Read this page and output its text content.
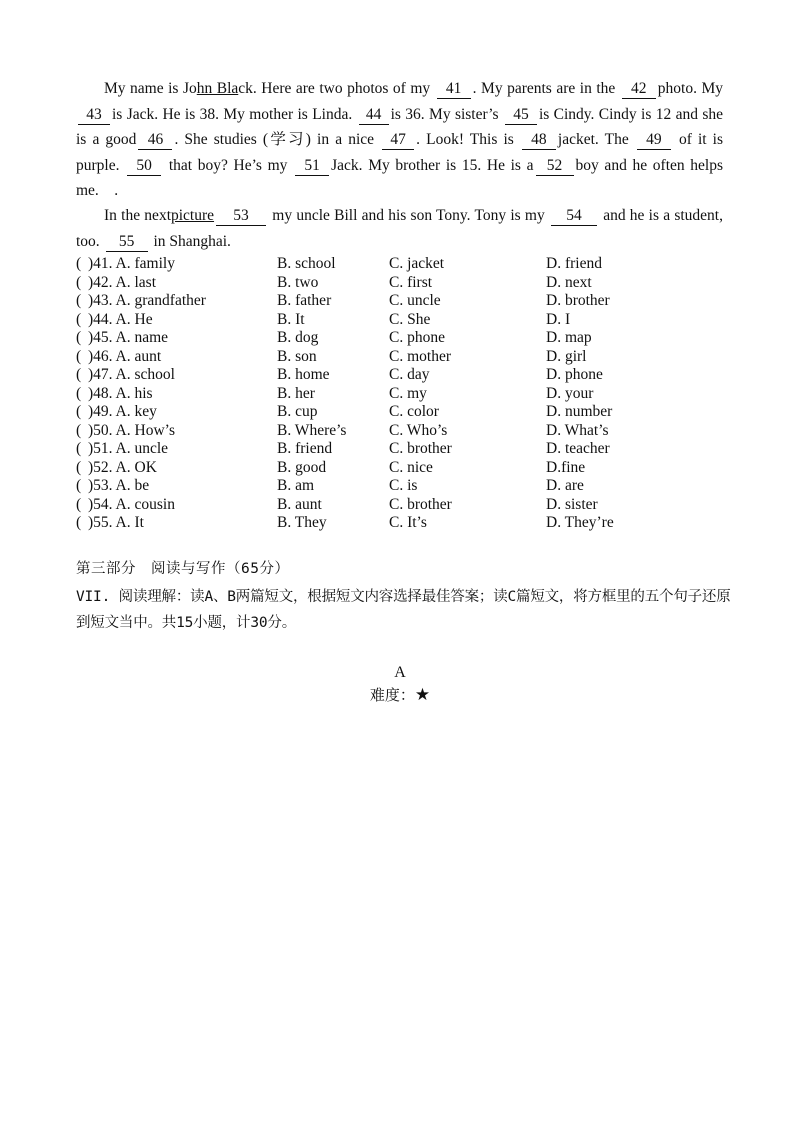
My name is John Black. Here are two photos of my 41 . My parents are in the 42 photo. My 43 is Jack. He is 38. My mother is Linda. 44 is 36. My sister’s 45 is Cindy. Cindy is 12 and she is a good 46 . She studies (学习) in a nice 47 . Look! This is 48 jacket. The 49 of it is purple. 50 that boy? He’s my 51 Jack. My brother is 15. He is a 52 boy and he often helps me.　.

In the nextpicture 53 my uncle Bill and his son Tony. Tony is my 54 and he is a student, too. 55 in Shanghai.

( )41. A. family	B. school	C. jacket	D. friend
( )42. A. last	B. two	C. first	D. next
( )43. A. grandfather	B. father	C. uncle	D. brother
( )44. A. He	B. It	C. She	D. I
( )45. A. name	B. dog	C. phone	D. map
( )46. A. aunt	B. son	C. mother	D. girl
( )47. A. school	B. home	C. day	D. phone
( )48. A. his	B. her	C. my	D. your
( )49. A. key	B. cup	C. color	D. number
( )50. A. How’s	B. Where’s	C. Who’s	D. What’s
( )51. A. uncle	B. friend	C. brother	D. teacher
( )52. A. OK	B. good	C. nice	D.fine
( )53. A. be	B. am	C. is	D. are
( )54. A. cousin	B. aunt	C. brother	D. sister
( )55. A. It	B. They	C. It’s	D. They’re
第三部分　阅读与写作（65分）
VII. 阅读理解：读A、B两篇短文，根据短文内容选择最佳答案；读C篇短文，将方框里的五个句子还原到短文当中。共15小题，计30分。
A
难度：★
